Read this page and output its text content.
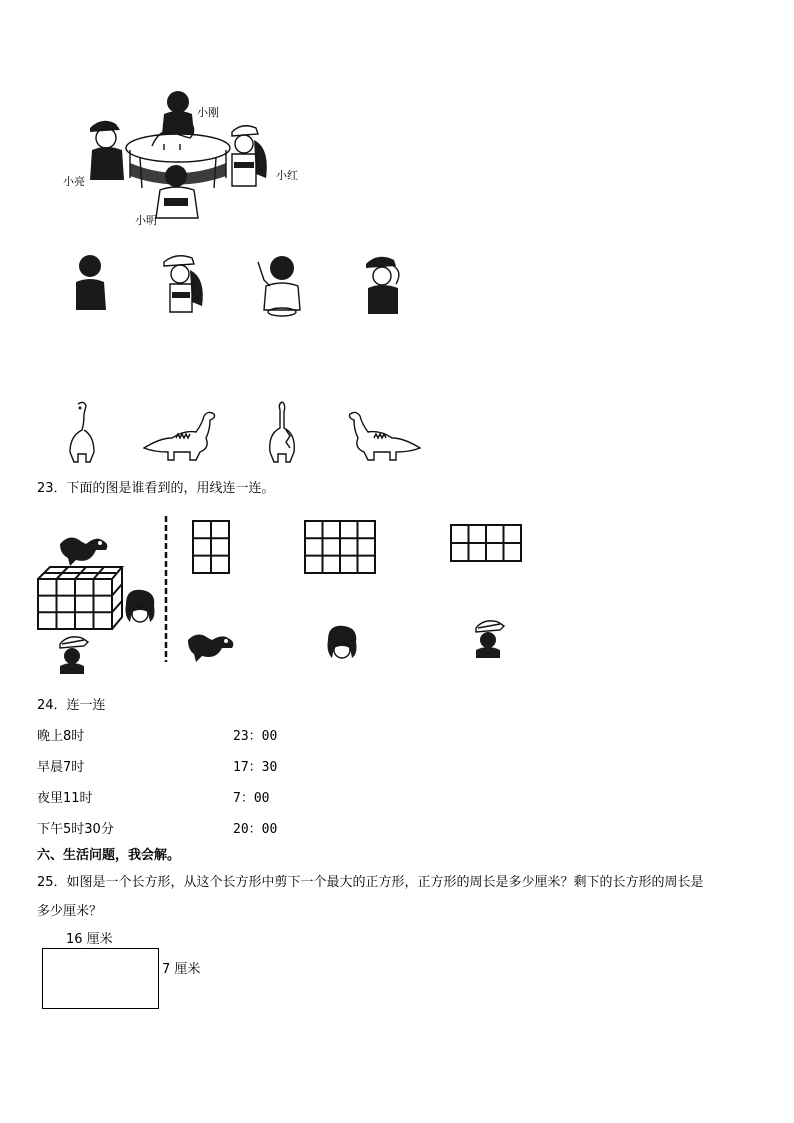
小刚
小亮	小红
小明
23．下面的图是谁看到的，用线连一连。
24．连一连
晚上8时
早晨7时
夜里11时
下午5时30分
23：00
17：30
7：00
20：00
六、生活问题，我会解。
25．如图是一个长方形，从这个长方形中剪下一个最大的正方形，正方形的周长是多少厘米？剩下的长方形的周长是
多少厘米？
16 厘米
7 厘米
